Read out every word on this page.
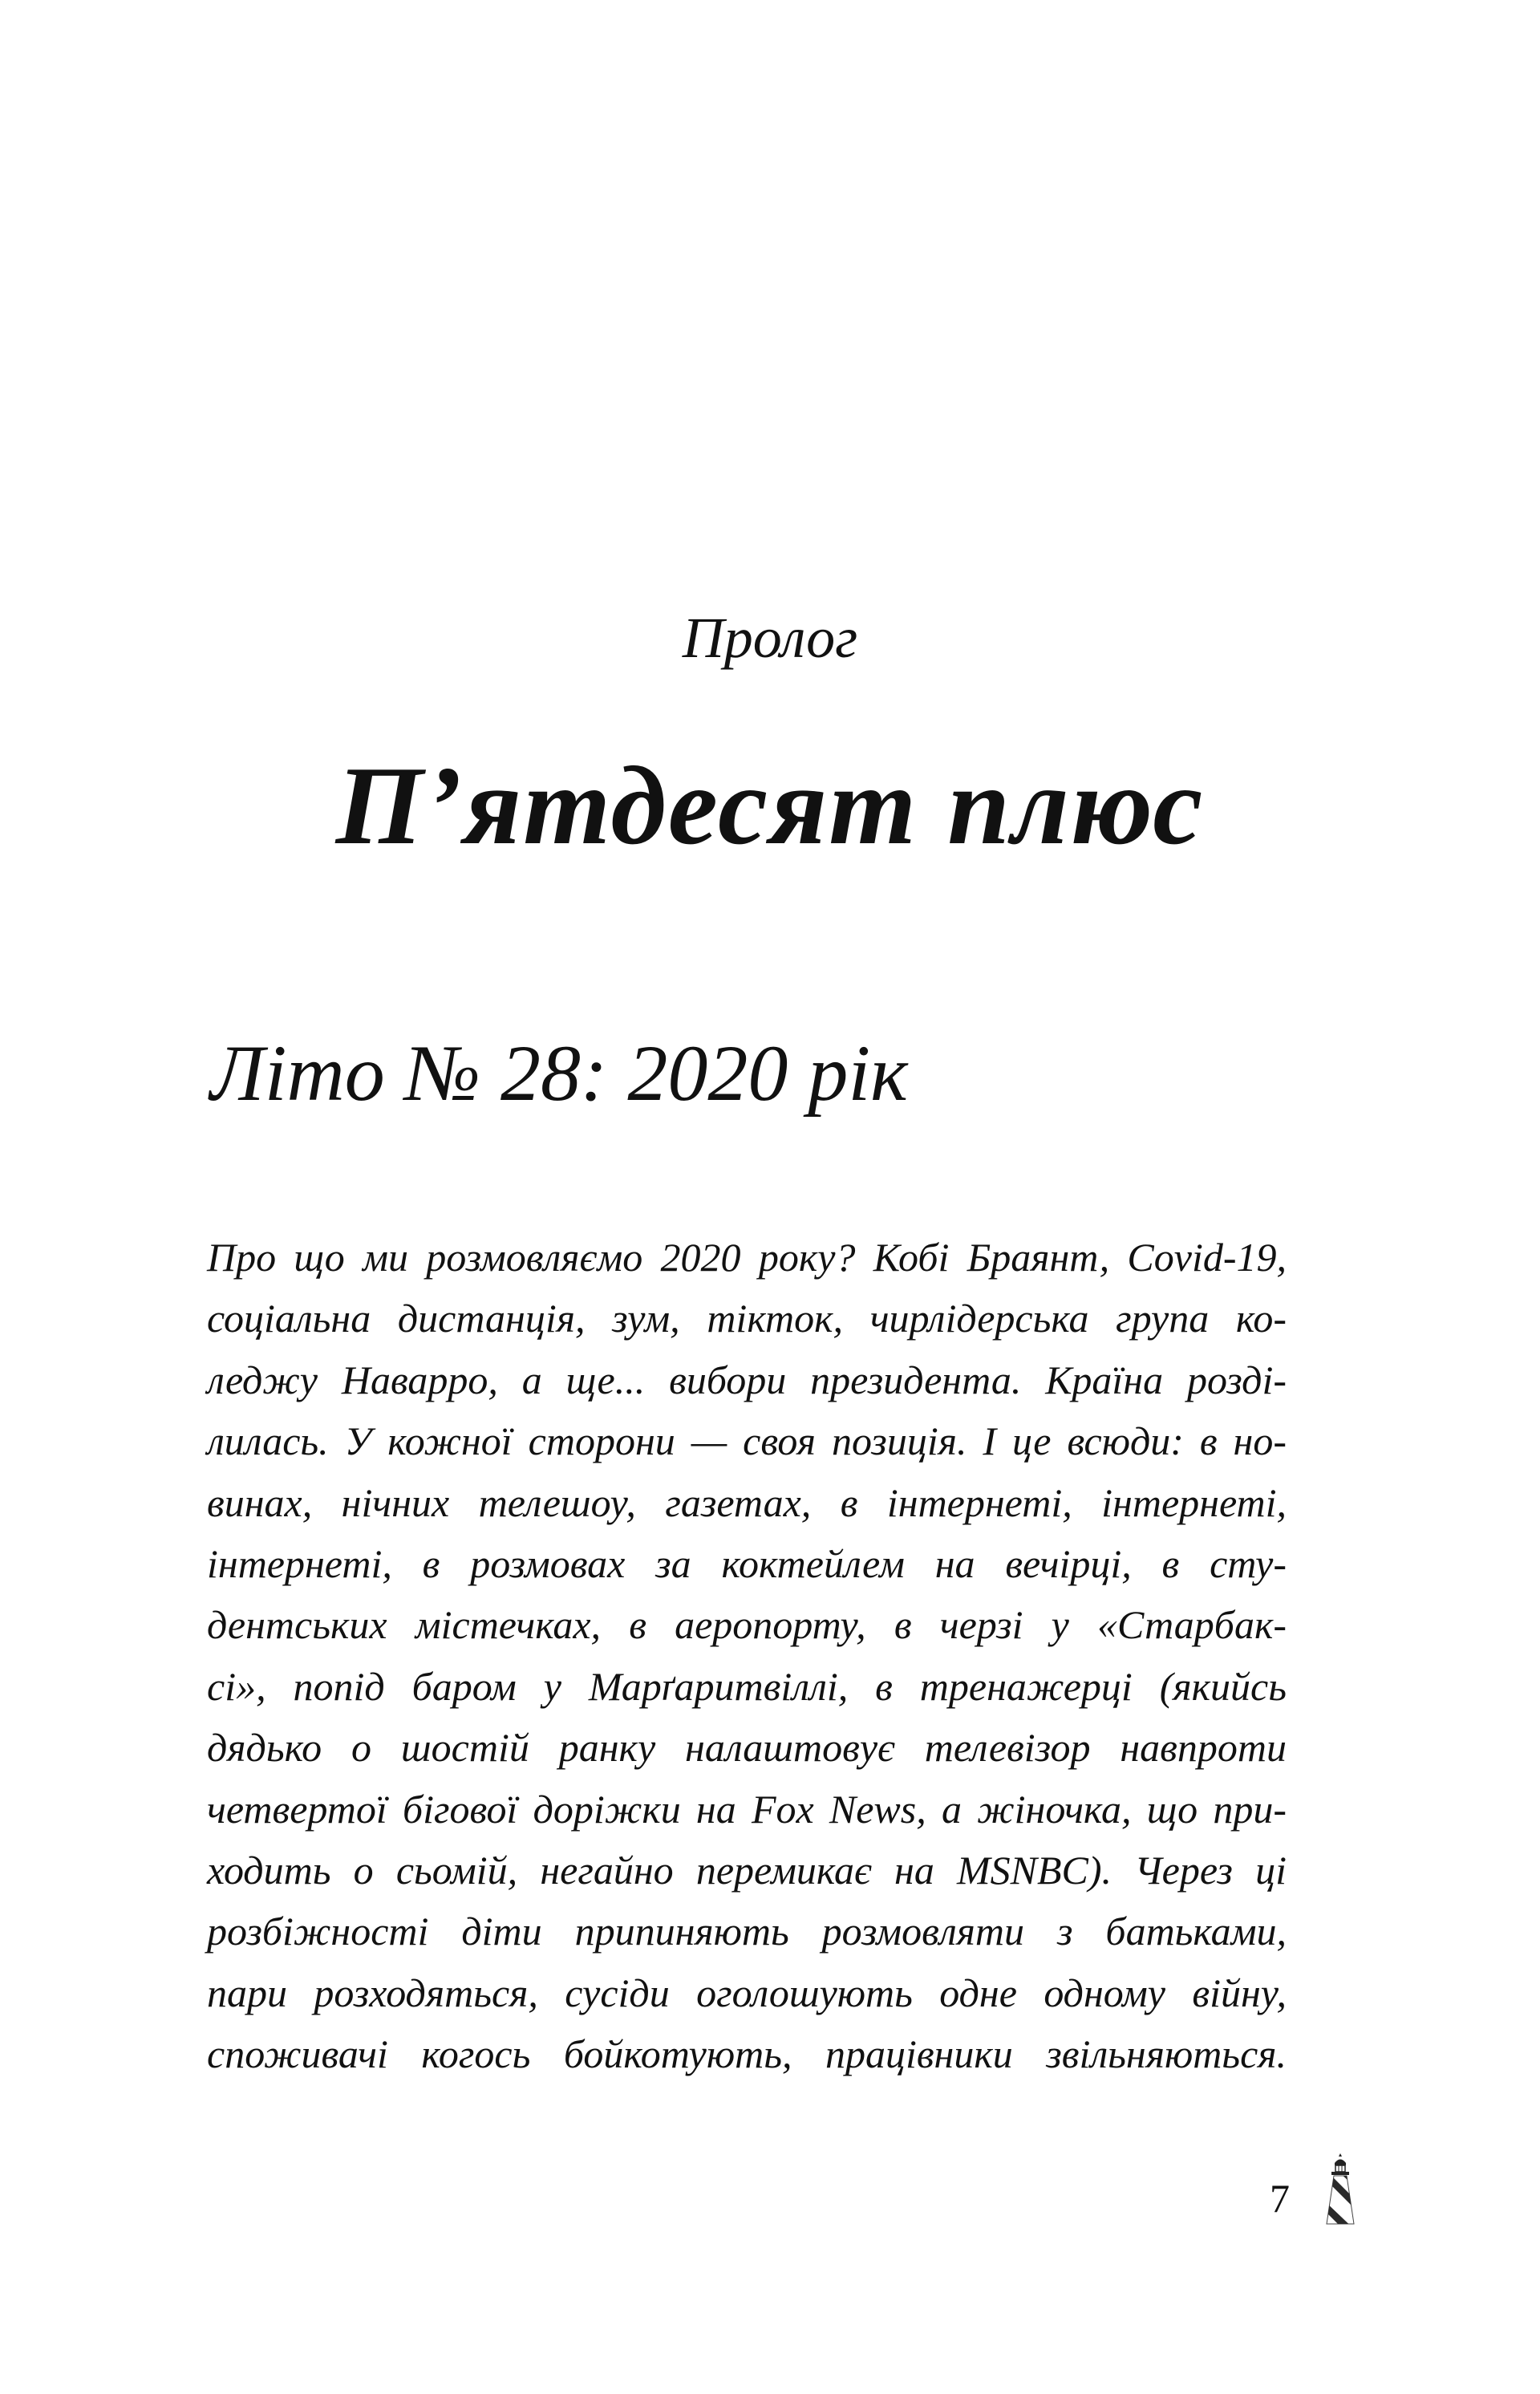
Пролог
П’ятдесят плюс
Літо № 28: 2020 рік
Про що ми розмовляємо 2020 року? Кобі Браянт, Covid-19,
соціальна дистанція, зум, тікток, чирлідерська група ко-
леджу Наварро, а ще... вибори президента. Країна розді-
лилась. У кожної сторони — своя позиція. І це всюди: в но-
винах, нічних телешоу, газетах, в інтернеті, інтернеті,
інтернеті, в розмовах за коктейлем на вечірці, в сту-
дентських містечках, в аеропорту, в черзі у «Старбак-
сі», попід баром у Марґаритвіллі, в тренажерці (якийсь
дядько о шостій ранку налаштовує телевізор навпроти
четвертої бігової доріжки на Fox News, а жіночка, що при-
ходить о сьомій, негайно перемикає на MSNBC). Через ці
розбіжності діти припиняють розмовляти з батьками,
пари розходяться, сусіди оголошують одне одному війну,
споживачі когось бойкотують, працівники звільняються.
7
